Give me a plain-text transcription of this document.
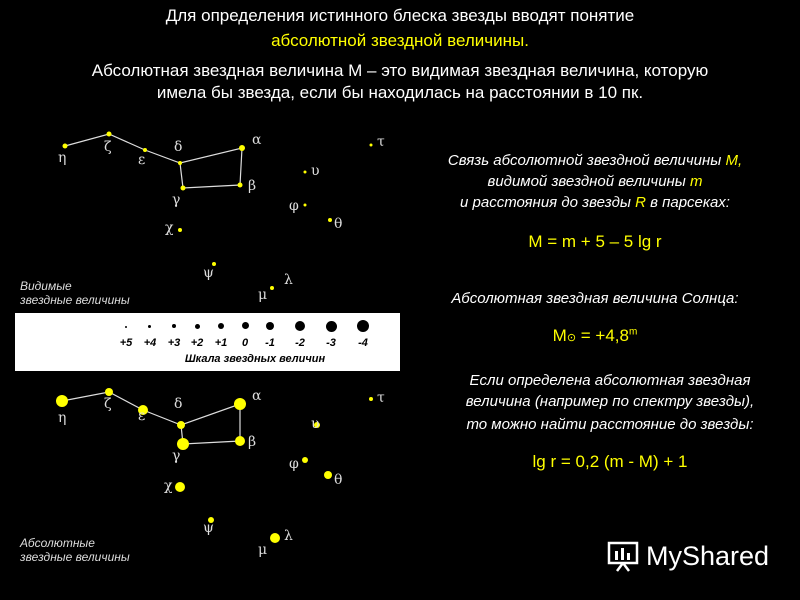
Для определения истинного блеска звезды вводят понятие
абсолютной звездной величины.
Абсолютная звездная величина М – это видимая звездная величина, которую
имела бы звезда, если бы находилась на расстоянии в 10 пк.
η
ζ
ε
δ	α
β
γ
χ
ψ
μ
λ
φ
θ
υ
τ
η
ζ
ε
δ	α
β
γ
χ
ψ
μ
λ
φ
θ
υ
τ
Видимые
звездные величины
Абсолютные
звездные величины
+5	+4	+3 +2	+1	0	-1	-2	-3	-4
Шкала звездных величин
Связь абсолютной звездной величины М,
видимой звездной величины m
и расстояния до звезды R в парсеках:
M = m + 5 – 5 lg r
Абсолютная звездная величина Солнца:
M⊙ = $+4,8^m$
Если определена абсолютная звездная
величина (например по спектру звезды),
то можно найти расстояние до звезды:
lg r = 0,2 (m - M) + 1
MyShared
